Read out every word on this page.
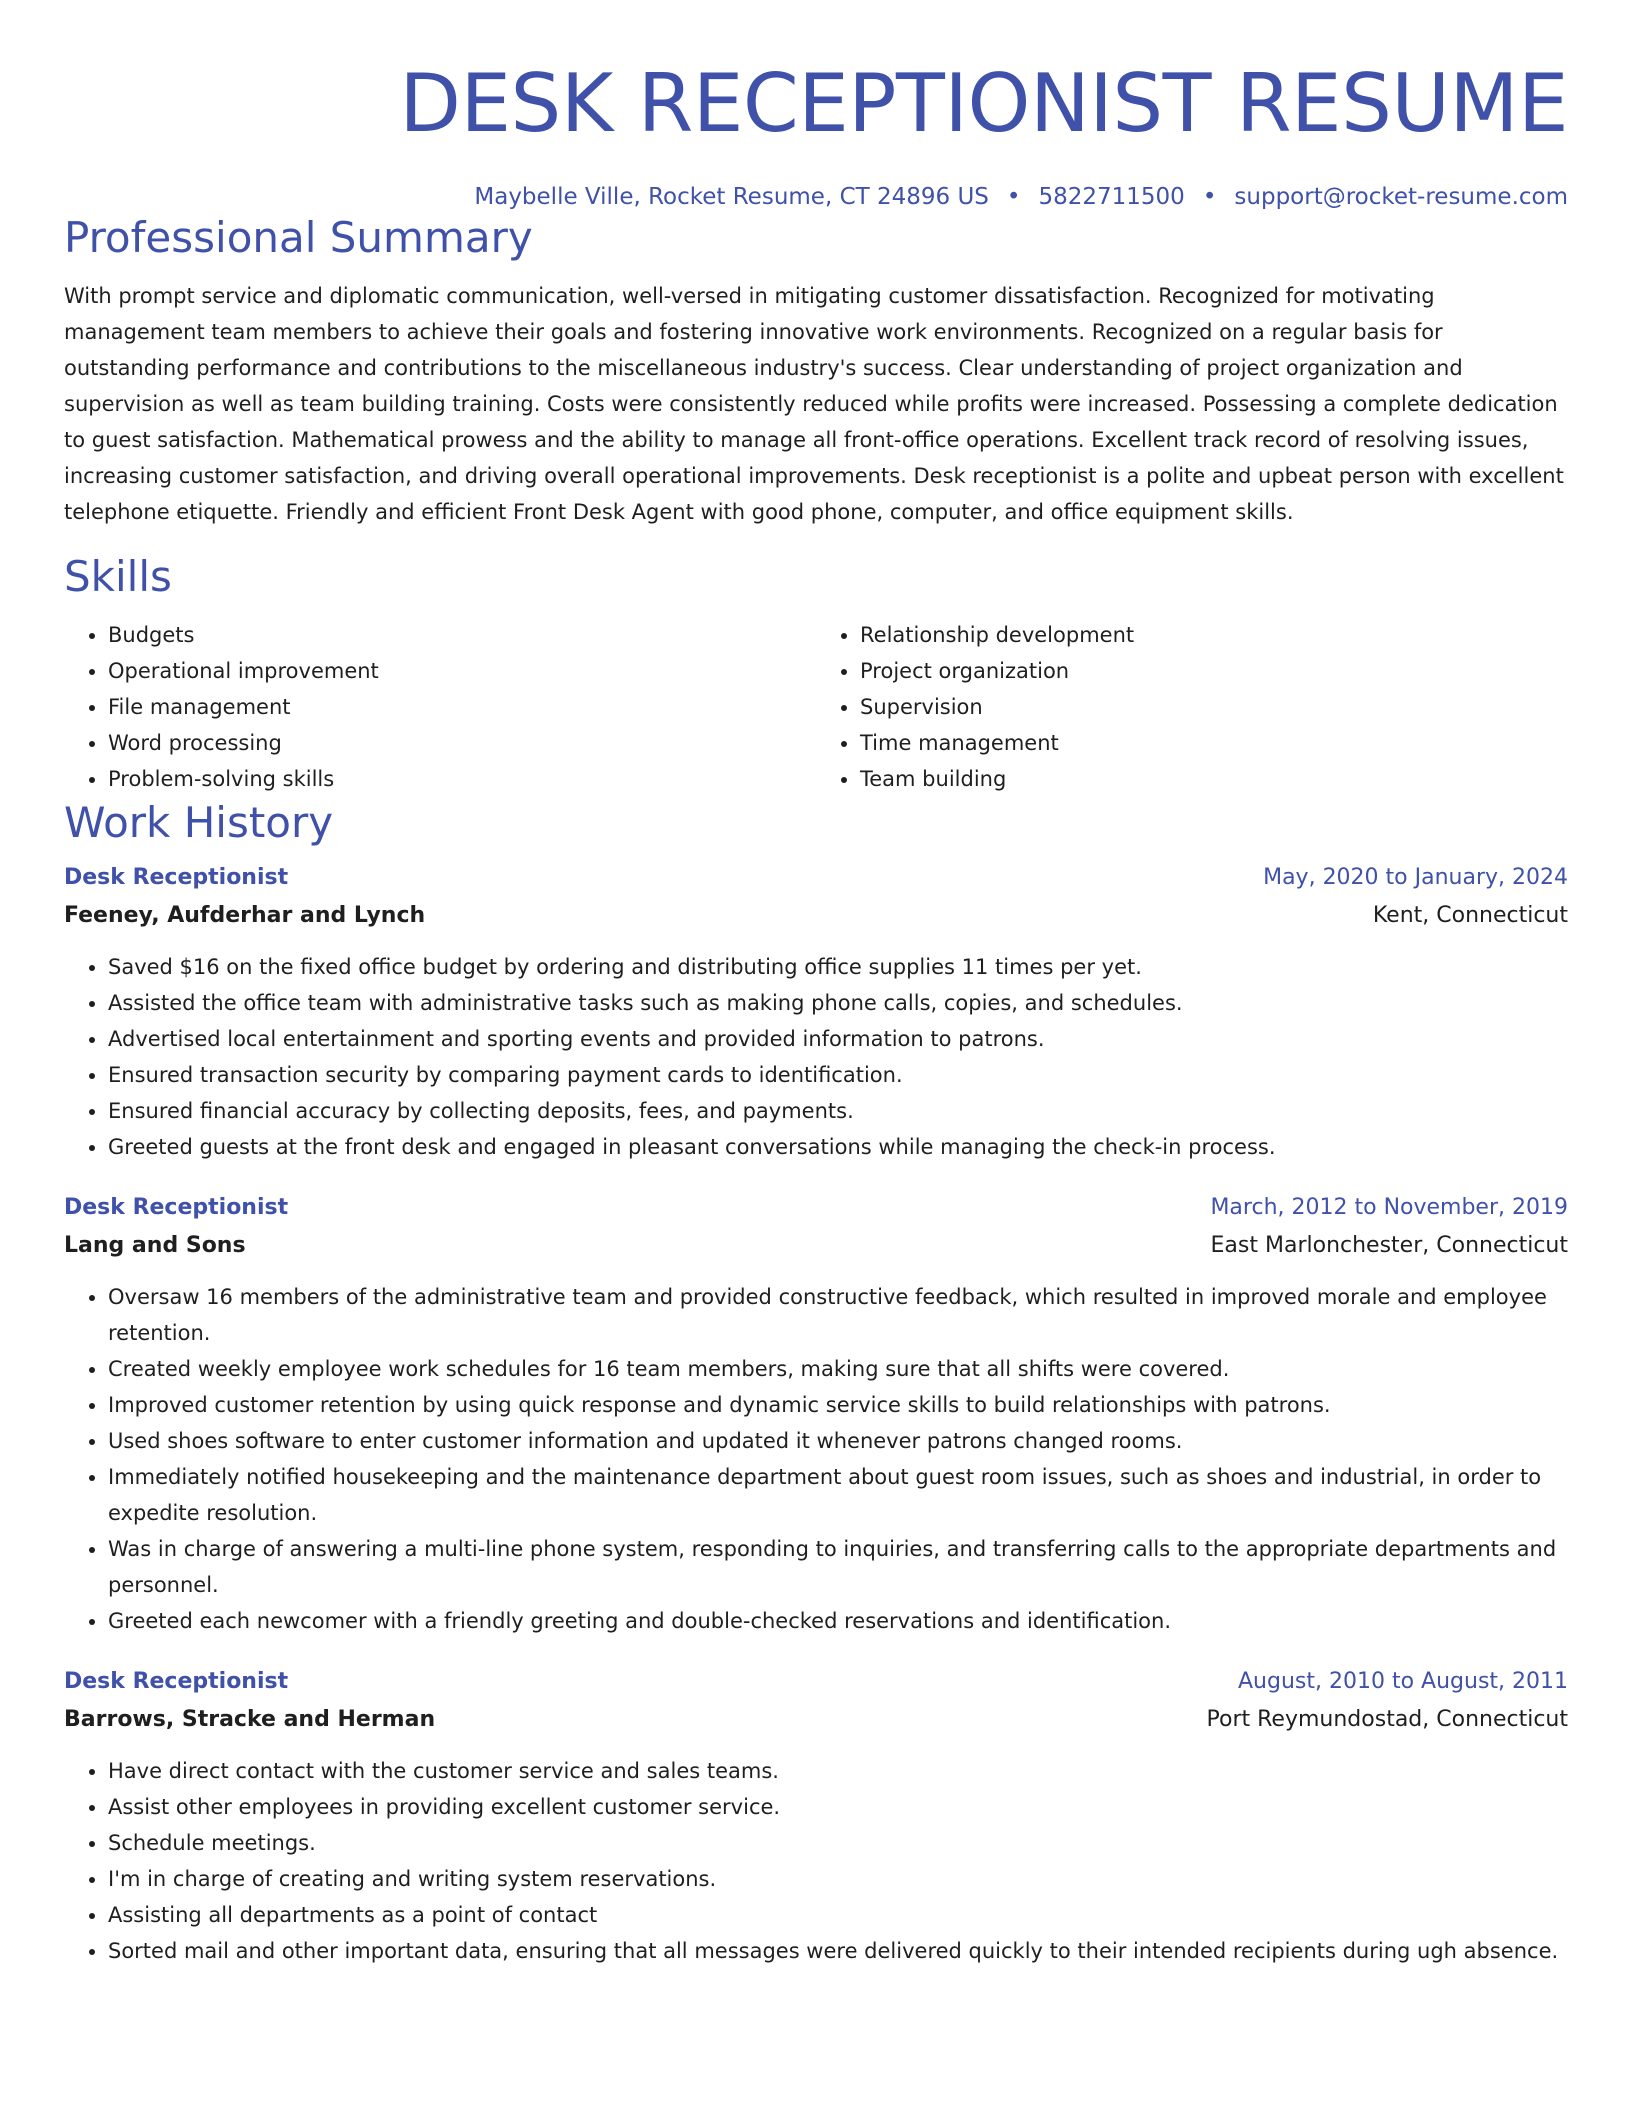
DESK RECEPTIONIST RESUME
Maybelle Ville, Rocket Resume, CT 24896 US • 5822711500 • support@rocket-resume.com
Professional Summary

With prompt service and diplomatic communication, well-versed in mitigating customer dissatisfaction. Recognized for motivating management team members to achieve their goals and fostering innovative work environments. Recognized on a regular basis for outstanding performance and contributions to the miscellaneous industry's success. Clear understanding of project organization and supervision as well as team building training. Costs were consistently reduced while profits were increased. Possessing a complete dedication to guest satisfaction. Mathematical prowess and the ability to manage all front-office operations. Excellent track record of resolving issues, increasing customer satisfaction, and driving overall operational improvements. Desk receptionist is a polite and upbeat person with excellent telephone etiquette. Friendly and efficient Front Desk Agent with good phone, computer, and office equipment skills.

Skills
• Budgets
• Operational improvement
• File management
• Word processing
• Problem-solving skills
• Relationship development
• Project organization
• Supervision
• Time management
• Team building
Work History
Desk Receptionist	May, 2020 to January, 2024
Feeney, Aufderhar and Lynch	Kent, Connecticut
• Saved $16 on the fixed office budget by ordering and distributing office supplies 11 times per yet.
• Assisted the office team with administrative tasks such as making phone calls, copies, and schedules.
• Advertised local entertainment and sporting events and provided information to patrons.
• Ensured transaction security by comparing payment cards to identification.
• Ensured financial accuracy by collecting deposits, fees, and payments.
• Greeted guests at the front desk and engaged in pleasant conversations while managing the check-in process.
Desk Receptionist	March, 2012 to November, 2019
Lang and Sons	East Marlonchester, Connecticut
• Oversaw 16 members of the administrative team and provided constructive feedback, which resulted in improved morale and employee retention.
• Created weekly employee work schedules for 16 team members, making sure that all shifts were covered.
• Improved customer retention by using quick response and dynamic service skills to build relationships with patrons.
• Used shoes software to enter customer information and updated it whenever patrons changed rooms.
• Immediately notified housekeeping and the maintenance department about guest room issues, such as shoes and industrial, in order to expedite resolution.
• Was in charge of answering a multi-line phone system, responding to inquiries, and transferring calls to the appropriate departments and personnel.
• Greeted each newcomer with a friendly greeting and double-checked reservations and identification.
Desk Receptionist	August, 2010 to August, 2011
Barrows, Stracke and Herman	Port Reymundostad, Connecticut
• Have direct contact with the customer service and sales teams.
• Assist other employees in providing excellent customer service.
• Schedule meetings.
• I'm in charge of creating and writing system reservations.
• Assisting all departments as a point of contact
• Sorted mail and other important data, ensuring that all messages were delivered quickly to their intended recipients during ugh absence.
